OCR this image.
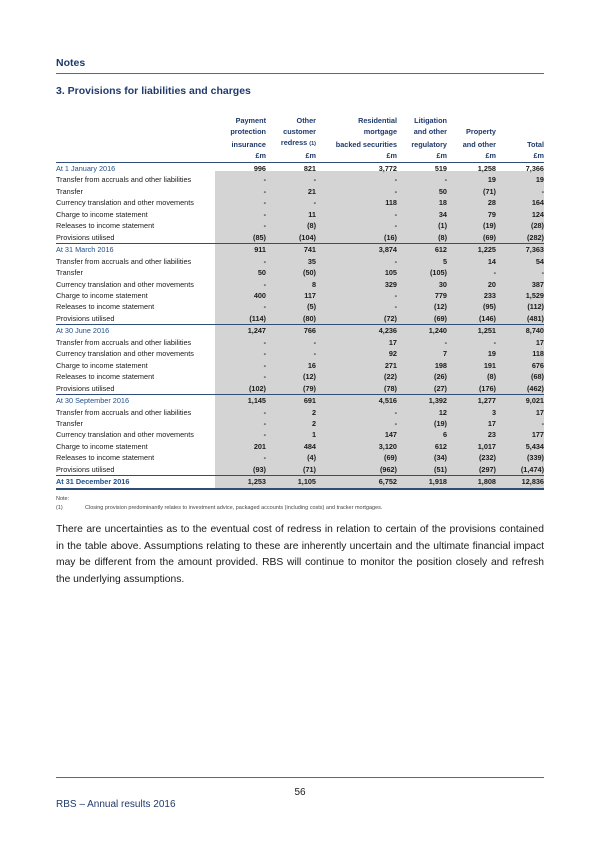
Notes
3. Provisions for liabilities and charges
	Payment	Other	Residential	Litigation		
	protection	customer	mortgage	and other	Property	
	insurance	redress (1)	backed securities	regulatory	and other	Total
	£m	£m	£m	£m	£m	£m
At 1 January 2016	996	821	3,772	519	1,258	7,366
Transfer from accruals and other liabilities	-	-	-	-	19	19
Transfer	-	21	-	50	(71)	-
Currency translation and other movements	-	-	118	18	28	164
Charge to income statement	-	11	-	34	79	124
Releases to income statement	-	(8)	-	(1)	(19)	(28)
Provisions utilised	(85)	(104)	(16)	(8)	(69)	(282)
At 31 March 2016	911	741	3,874	612	1,225	7,363
Transfer from accruals and other liabilities	-	35	-	5	14	54
Transfer	50	(50)	105	(105)	-	-
Currency translation and other movements	-	8	329	30	20	387
Charge to income statement	400	117	-	779	233	1,529
Releases to income statement	-	(5)	-	(12)	(95)	(112)
Provisions utilised	(114)	(80)	(72)	(69)	(146)	(481)
At 30 June 2016	1,247	766	4,236	1,240	1,251	8,740
Transfer from accruals and other liabilities	-	-	17	-	-	17
Currency translation and other movements	-	-	92	7	19	118
Charge to income statement	-	16	271	198	191	676
Releases to income statement	-	(12)	(22)	(26)	(8)	(68)
Provisions utilised	(102)	(79)	(78)	(27)	(176)	(462)
At 30 September 2016	1,145	691	4,516	1,392	1,277	9,021
Transfer from accruals and other liabilities	-	2	-	12	3	17
Transfer	-	2	-	(19)	17	-
Currency translation and other movements	-	1	147	6	23	177
Charge to income statement	201	484	3,120	612	1,017	5,434
Releases to income statement	-	(4)	(69)	(34)	(232)	(339)
Provisions utilised	(93)	(71)	(962)	(51)	(297)	(1,474)
At 31 December 2016	1,253	1,105	6,752	1,918	1,808	12,836
Note:
(1)	Closing provision predominantly relates to investment advice, packaged accounts (including costs) and tracker mortgages.
There are uncertainties as to the eventual cost of redress in relation to certain of the provisions contained in the table above. Assumptions relating to these are inherently uncertain and the ultimate financial impact may be different from the amount provided. RBS will continue to monitor the position closely and refresh the underlying assumptions.
56
RBS – Annual results 2016
